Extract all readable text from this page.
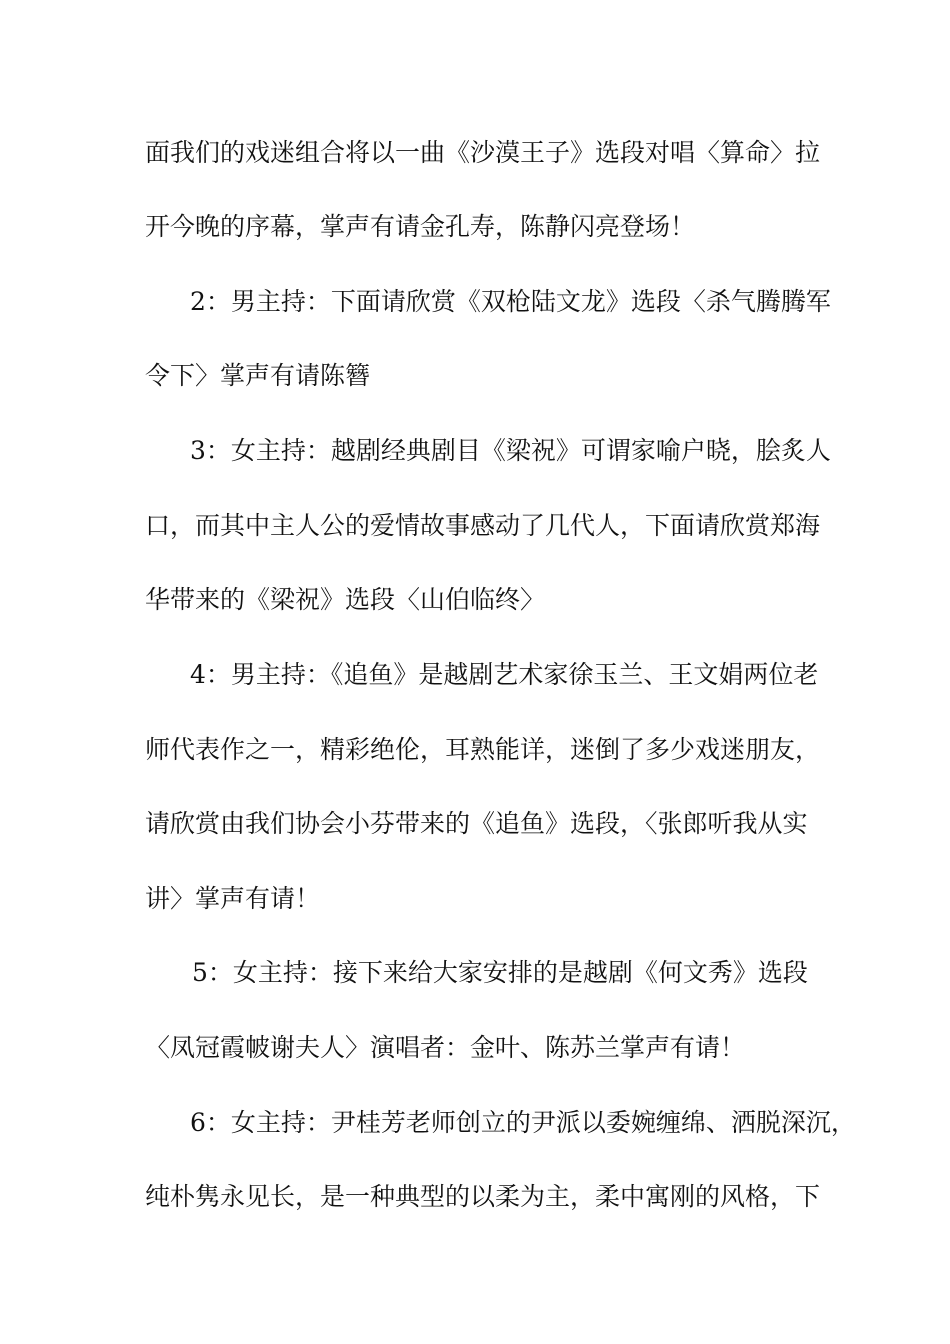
面我们的戏迷组合将以一曲《沙漠王子》选段对唱〈算命〉拉
开今晚的序幕，掌声有请金孔寿，陈静闪亮登场！
2：男主持：下面请欣赏《双枪陆文龙》选段〈杀气腾腾军
令下〉掌声有请陈簪
3：女主持：越剧经典剧目《梁祝》可谓家喻户晓，脍炙人
口，而其中主人公的爱情故事感动了几代人，下面请欣赏郑海
华带来的《梁祝》选段〈山伯临终〉
4：男主持：《追鱼》是越剧艺术家徐玉兰、王文娟两位老
师代表作之一，精彩绝伦，耳熟能详，迷倒了多少戏迷朋友，
请欣赏由我们协会小芬带来的《追鱼》选段，〈张郎听我从实
讲〉掌声有请！
5：女主持：接下来给大家安排的是越剧《何文秀》选段
〈凤冠霞帔谢夫人〉演唱者：金叶、陈苏兰掌声有请！
6：女主持：尹桂芳老师创立的尹派以委婉缠绵、洒脱深沉，
纯朴隽永见长，是一种典型的以柔为主，柔中寓刚的风格，下
